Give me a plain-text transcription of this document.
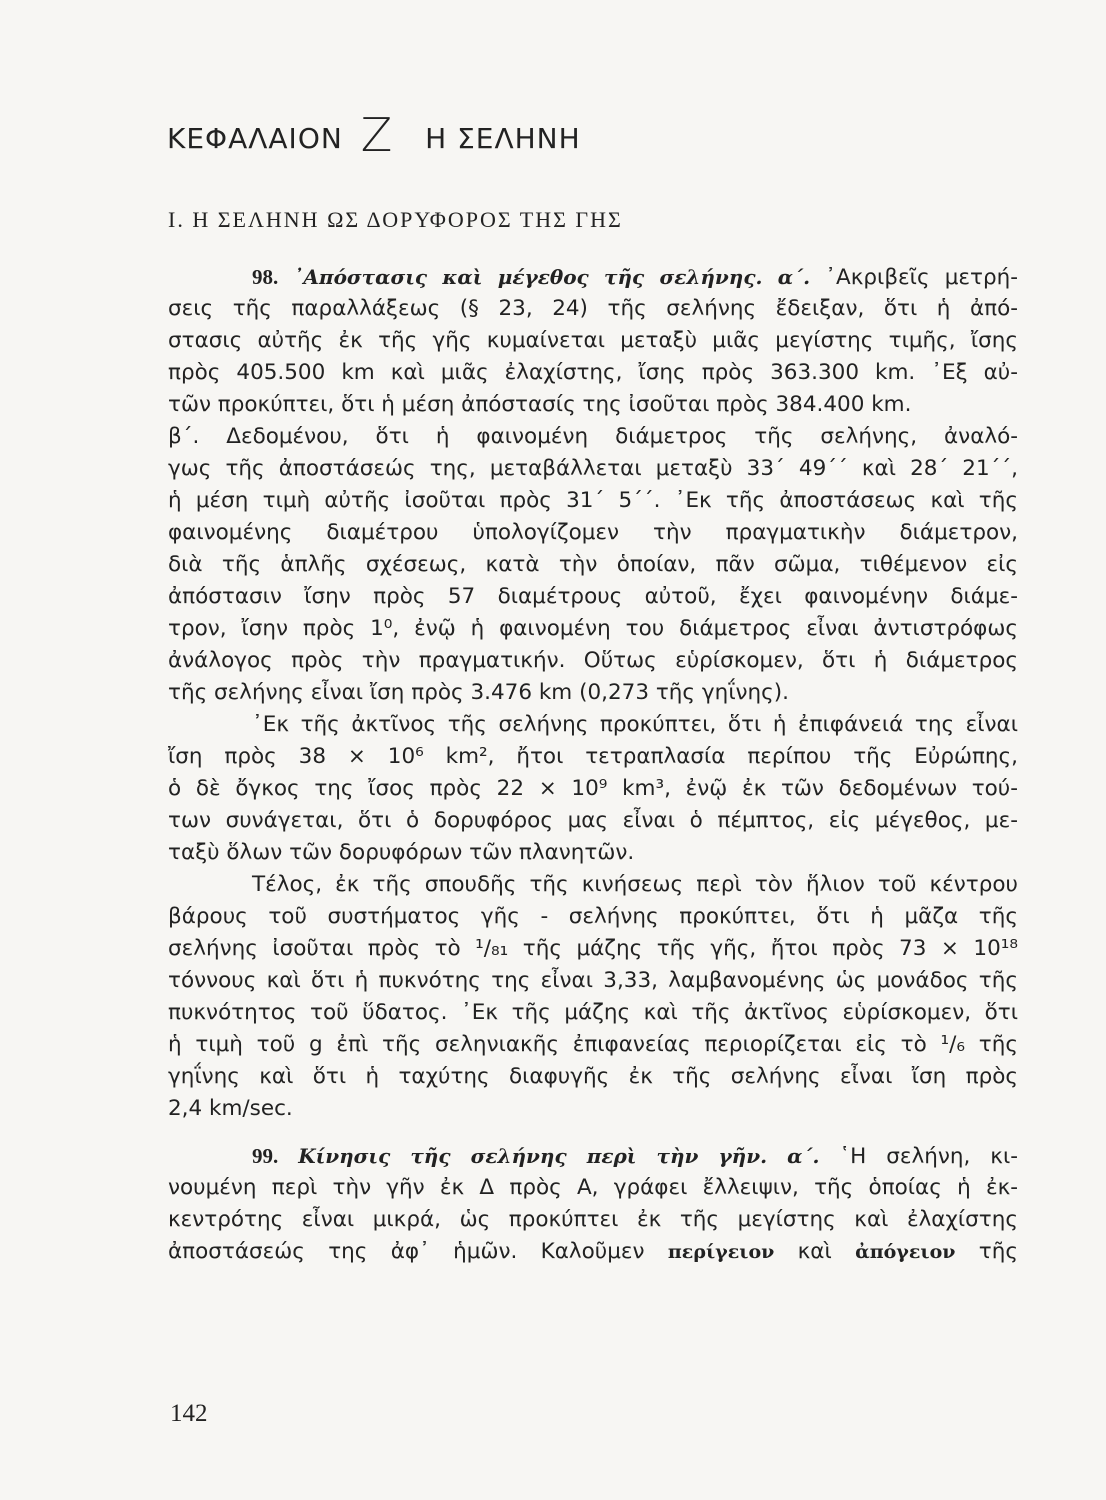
ΚΕΦΑΛΑΙΟΝ Z Η ΣΕΛΗΝΗ
Ι. Η ΣΕΛΗΝΗ ΩΣ ΔΟΡΥΦΟΡΟΣ ΤΗΣ ΓΗΣ
98. ᾿Απόστασις καὶ μέγεθος τῆς σελήνης. α΄. ᾿Ακριβεῖς μετρή-
σεις τῆς παραλλάξεως (§ 23, 24) τῆς σελήνης ἔδειξαν, ὅτι ἡ ἀπό-
στασις αὐτῆς ἐκ τῆς γῆς κυμαίνεται μεταξὺ μιᾶς μεγίστης τιμῆς, ἴσης
πρὸς 405.500 km καὶ μιᾶς ἐλαχίστης, ἴσης πρὸς 363.300 km. ᾿Εξ αὐ-
τῶν προκύπτει, ὅτι ἡ μέση ἀπόστασίς της ἰσοῦται πρὸς 384.400 km.
β΄. Δεδομένου, ὅτι ἡ φαινομένη διάμετρος τῆς σελήνης, ἀναλό-
γως τῆς ἀποστάσεώς της, μεταβάλλεται μεταξὺ 33΄ 49΄΄ καὶ 28΄ 21΄΄,
ἡ μέση τιμὴ αὐτῆς ἰσοῦται πρὸς 31΄ 5΄΄. ᾿Εκ τῆς ἀποστάσεως καὶ τῆς
φαινομένης διαμέτρου ὑπολογίζομεν τὴν πραγματικὴν διάμετρον,
διὰ τῆς ἁπλῆς σχέσεως, κατὰ τὴν ὁποίαν, πᾶν σῶμα, τιθέμενον εἰς
ἀπόστασιν ἴσην πρὸς 57 διαμέτρους αὐτοῦ, ἔχει φαινομένην διάμε-
τρον, ἴσην πρὸς 1⁰, ἐνῷ ἡ φαινομένη του διάμετρος εἶναι ἀντιστρόφως
ἀνάλογος πρὸς τὴν πραγματικήν. Οὕτως εὑρίσκομεν, ὅτι ἡ διάμετρος
τῆς σελήνης εἶναι ἴση πρὸς 3.476 km (0,273 τῆς γηΐνης).
᾿Εκ τῆς ἀκτῖνος τῆς σελήνης προκύπτει, ὅτι ἡ ἐπιφάνειά της εἶναι
ἴση πρὸς 38 × 10⁶ km², ἤτοι τετραπλασία περίπου τῆς Εὐρώπης,
ὁ δὲ ὄγκος της ἴσος πρὸς 22 × 10⁹ km³, ἐνῷ ἐκ τῶν δεδομένων τού-
των συνάγεται, ὅτι ὁ δορυφόρος μας εἶναι ὁ πέμπτος, εἰς μέγεθος, με-
ταξὺ ὅλων τῶν δορυφόρων τῶν πλανητῶν.
Τέλος, ἐκ τῆς σπουδῆς τῆς κινήσεως περὶ τὸν ἥλιον τοῦ κέντρου
βάρους τοῦ συστήματος γῆς - σελήνης προκύπτει, ὅτι ἡ μᾶζα τῆς
σελήνης ἰσοῦται πρὸς τὸ ¹/₈₁ τῆς μάζης τῆς γῆς, ἤτοι πρὸς 73 × 10¹⁸
τόννους καὶ ὅτι ἡ πυκνότης της εἶναι 3,33, λαμβανομένης ὡς μονάδος τῆς
πυκνότητος τοῦ ὕδατος. ᾿Εκ τῆς μάζης καὶ τῆς ἀκτῖνος εὑρίσκομεν, ὅτι
ἡ τιμὴ τοῦ g ἐπὶ τῆς σεληνιακῆς ἐπιφανείας περιορίζεται εἰς τὸ ¹/₆ τῆς
γηΐνης καὶ ὅτι ἡ ταχύτης διαφυγῆς ἐκ τῆς σελήνης εἶναι ἴση πρὸς
2,4 km/sec.
99. Κίνησις τῆς σελήνης περὶ τὴν γῆν. α΄. ῾Η σελήνη, κι-
νουμένη περὶ τὴν γῆν ἐκ Δ πρὸς Α, γράφει ἔλλειψιν, τῆς ὁποίας ἡ ἐκ-
κεντρότης εἶναι μικρά, ὡς προκύπτει ἐκ τῆς μεγίστης καὶ ἐλαχίστης
ἀποστάσεώς της ἀφ᾿ ἡμῶν. Καλοῦμεν περίγειον καὶ ἀπόγειον τῆς
142
